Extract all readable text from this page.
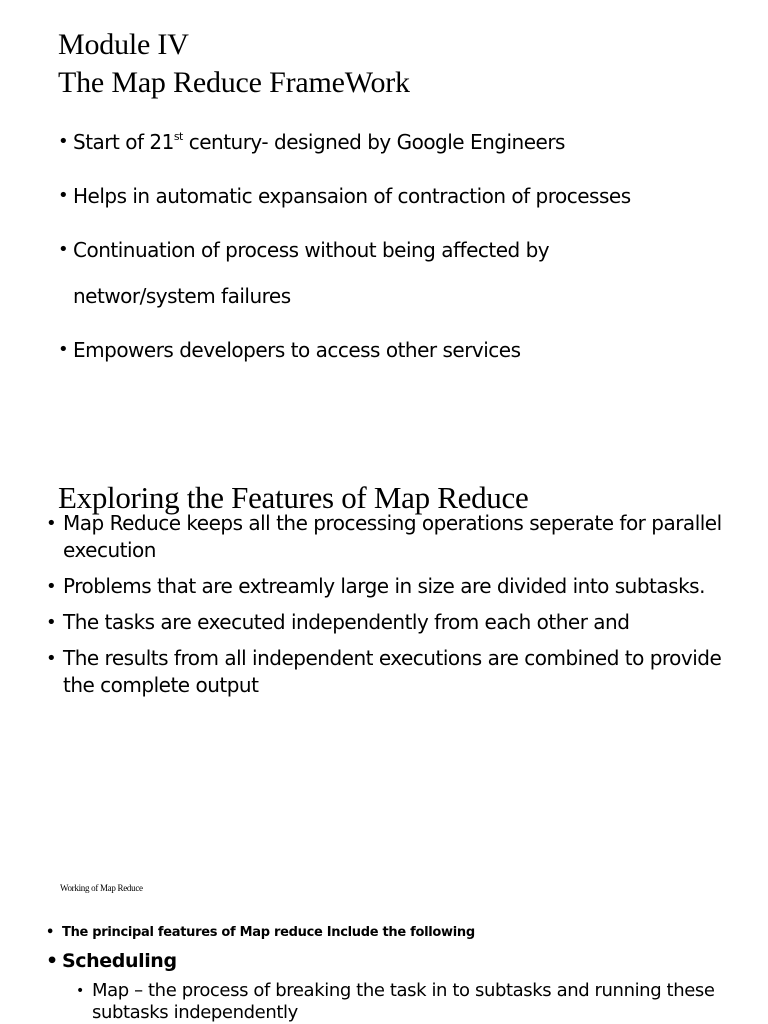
Module IV
The Map Reduce FrameWork
• Start of 21st century- designed by Google Engineers
• Helps in automatic expansaion of contraction of processes
• Continuation of process without being affected by
networ/system failures
• Empowers developers to access other services
Exploring the Features of Map Reduce
• Map Reduce keeps all the processing operations seperate for parallel execution
• Problems that are extreamly large in size are divided into subtasks.
• The tasks are executed independently from each other and
• The results from all independent executions are combined to provide the complete output
Working of Map Reduce
• The principal features of Map reduce Include the following
• Scheduling
• Map – the process of breaking the task in to subtasks and running these subtasks independently
